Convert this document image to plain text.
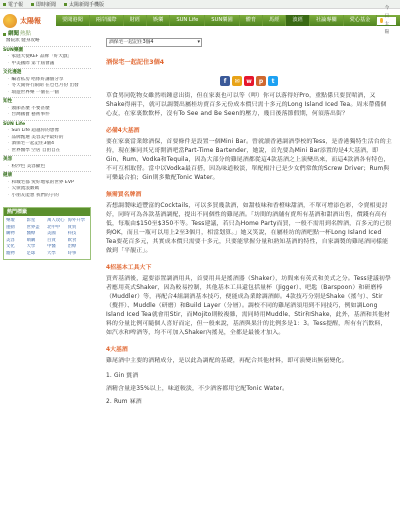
電子報	即時新聞	太陽新聞手機版
太陽報	要聞港聞	兩岸國際	財經	娛樂	SUN Life	SUN樂園	體育	馬經	波經	社論專欄	愛心基金
今日太陽
網聞 熱點
醫院派 健身攻略
SUN樂園
· 家庭大使KEF 品牌「好大戲」
· 中美國際 第十屆會議
文化漫遊
· 編者私房 唔係好講個分享
· 冬天開得冇限期 在乜乜月份 出發
· 環遊世界樂 一個在一個
知性
· 頭節甚麼 不要甚麼
· 台灣國寶 藝術事件
SUN Life
· Sun Life 超越你的想像
· 品牌甄選 美容美甲最好的
· 酒保宅一起記住3個4
· 世界醫學 空居 自由自在
美容
· 粉沙色 美容顯色
健康
· 和城宅都 愛好地家的世界 EVP
· 欠債流浪數碼
· 小朋友能想 我們的子的
熱門標籤
樂壇	影星	萬人攻心 海外升學
運動	世界盃	北中中	賀賀
購物	醫療	美國	科技
美容	網購	百貨	飲食
文化	大學	中醫	治療
寵物	足球	大學	時事
酒保宅一起記住3個4 ▾
酒保宅一起記住3個4
f	✉	w	p	t

草食男同乾物女雖然唔鍾意出街，但在家裏也可以等（呷）你可以落得好Pro，重點係只要買啱酒，又Shake得兩手，就可以調製出屬桂坊賣百多元份成本價只需十多元的Long Island Iced Tea。周末帶備個心友，在家裏飲飲杯，沒有To See and Be Seen的壓力，幾日後落節假期，何須落出街？

必備4大基酒

要在家裏當業餘酒保，首要條件是設置一個Mini Bar。曾就讀香港調酒學校的Tess，是香港獨特生活台的主持，現在擁同其兄哥開酒吧當Part-Time Bartender，她說，首先要為Mini Bar添置的是4大基酒，即Gin、Rum、Vodka和Tequila，因為大部分的雞尾酒都從這4款基酒之上演變出來，而這4款酒各有特色，不可互相取替。當中以Vodka最百搭，因為味道較淡，單配根汁已是少女們常飲的Screw Driver；Rum與可樂最合拍；Gin則多數配Tonic Water。

無需買名牌酒

若想調製味道豐富的Cocktails，可以多買幾款酒，如甜枝味和香橙味甜酒，不單可增添色彩，令賣相更討好，同時可為各款基酒調配，提出不同個性的雞尾酒。「坊間的酒舖有賣所有基酒和甜酒出售，價錢有高有低，每瓶由$150至$350不等。Tess建議，若只為Home Party而買，一般不需用到名牌酒，百多元的已很夠OK，而且一瓶可以用上2至3個月，相當划算。」她又笑說，在屬桂坊的酒吧點一杯Long Island Iced Tea要花百多元，其實成本價只需要十多元，只要能掌握分量和熟知基酒的特性，自家調製的雞尾酒同樣能做到「平靚正」。

4招基本工具大下

買齊基酒後，還要添置調酒用具，首要用具是搖酒器（Shaker），坊間來有英式和美式之分。Tess建議初學者應用英式Shaker，因為較易控制，其他基本工具還包括量杯（Jigger）、吧匙（Barspoon）和研磨棒（Muddler）等，再配合4組調酒基本技巧，便能成為業餘調酒師。4款技巧分別是Shake（搖勻）、Stir（攪拌）、Muddle（研磨）和Build Layer（分層）。調校不同的雞尾酒須用到不同技巧，例如調Long Island Iced Tea就會用Stir，而Mojito則較複雜，需同時用Muddle、Stir和Shake，此外，基酒和其他材料的分量比例可隨個人喜好而定，但一般來說，基酒與果汁的比例多是1：3。Tess提醒，所有有汽飲料，如汽水和啤酒等，均不可加入Shaker內搖晃，全都是最後才加入。

4大基酒

雞尾酒中主要的酒精成分，是以此為調配的基礎，再配合其他材料，即可演變出無窮變化。

1. Gin 氈酒

酒精含量達35%以上，味道較淡，不少酒客都用它配Tonic Water。

2. Rum 冧酒
